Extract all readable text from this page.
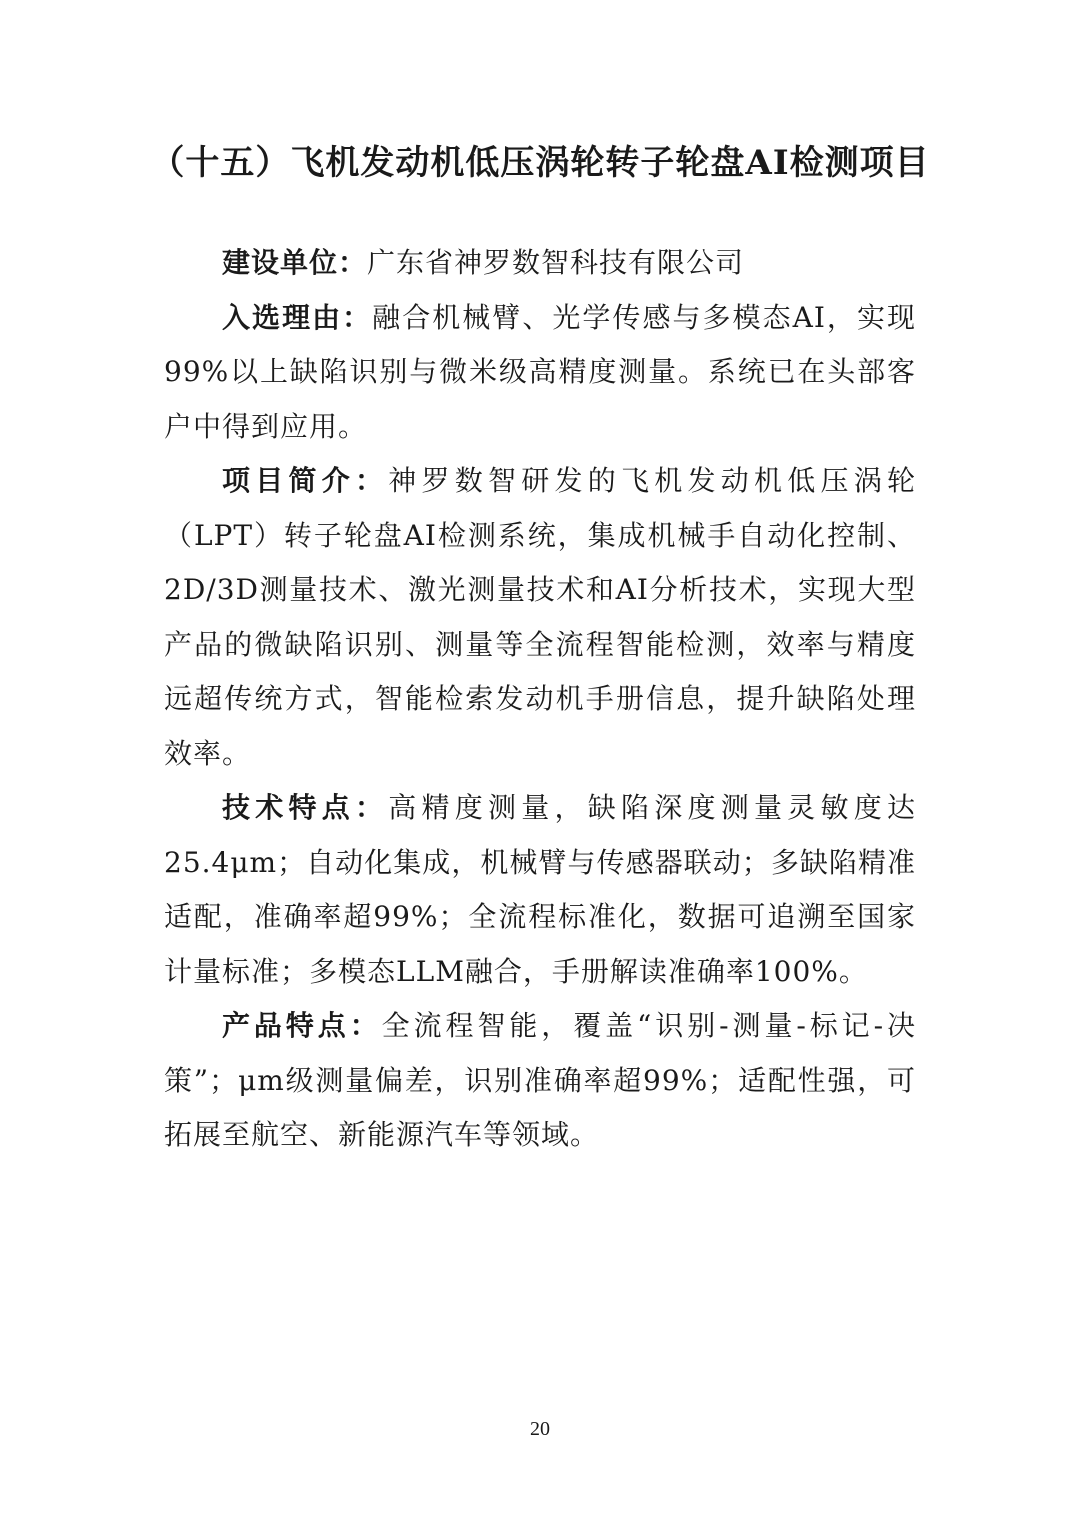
（十五）飞机发动机低压涡轮转子轮盘AI检测项目

建设单位：广东省神罗数智科技有限公司

入选理由：融合机械臂、光学传感与多模态AI，实现99%以上缺陷识别与微米级高精度测量。系统已在头部客户中得到应用。

项目简介：神罗数智研发的飞机发动机低压涡轮（LPT）转子轮盘AI检测系统，集成机械手自动化控制、2D/3D测量技术、激光测量技术和AI分析技术，实现大型产品的微缺陷识别、测量等全流程智能检测，效率与精度远超传统方式，智能检索发动机手册信息，提升缺陷处理效率。

技术特点：高精度测量，缺陷深度测量灵敏度达25.4μm；自动化集成，机械臂与传感器联动；多缺陷精准适配，准确率超99%；全流程标准化，数据可追溯至国家计量标准；多模态LLM融合，手册解读准确率100%。

产品特点：全流程智能，覆盖“识别-测量-标记-决策”；μm级测量偏差，识别准确率超99%；适配性强，可拓展至航空、新能源汽车等领域。

20
